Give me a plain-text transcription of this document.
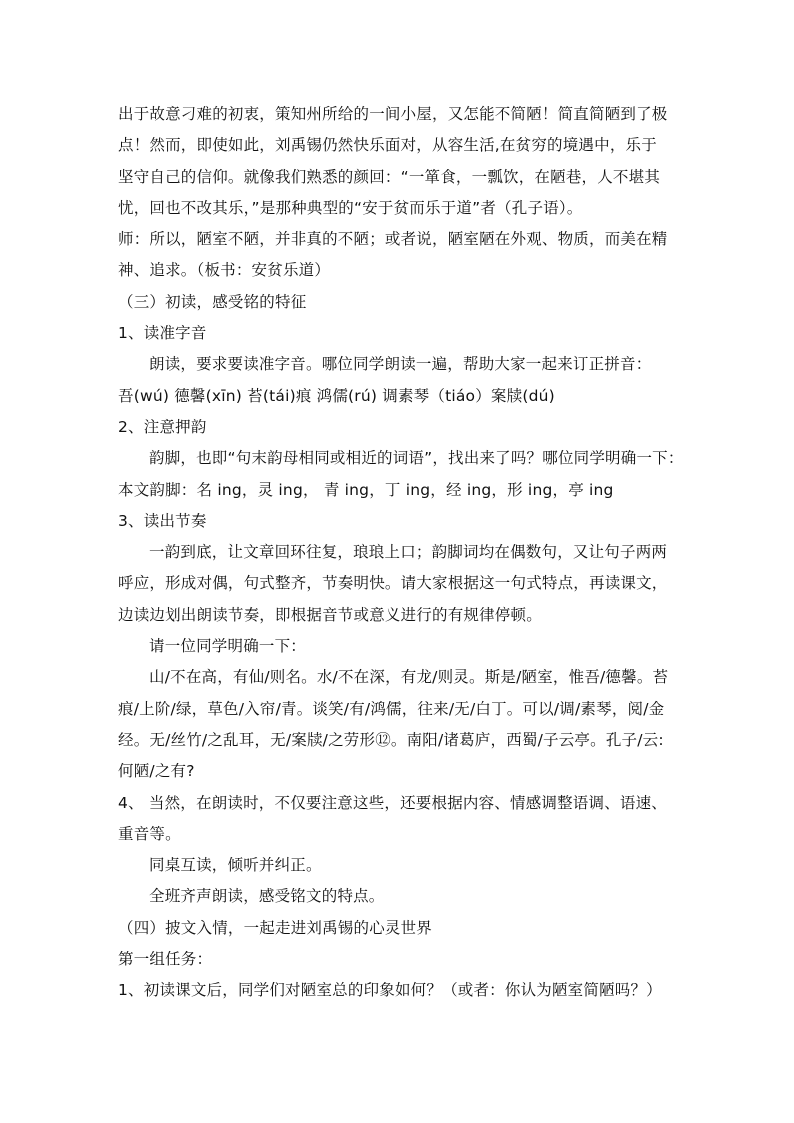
出于故意刁难的初衷，策知州所给的一间小屋，又怎能不简陋！简直简陋到了极
点！然而，即使如此，刘禹锡仍然快乐面对，从容生活,在贫穷的境遇中，乐于
坚守自己的信仰。就像我们熟悉的颜回：“一箪食，一瓢饮，在陋巷，人不堪其
忧，回也不改其乐，”是那种典型的“安于贫而乐于道”者（孔子语）。
师：所以，陋室不陋，并非真的不陋；或者说，陋室陋在外观、物质，而美在精
神、追求。（板书：安贫乐道）
（三）初读，感受铭的特征
1、读准字音
朗读，要求要读准字音。哪位同学朗读一遍，帮助大家一起来订正拼音：
吾(wú) 德馨(xīn) 苔(tái)痕 鸿儒(rú) 调素琴（tiáo）案牍(dú)
2、注意押韵
韵脚，也即“句末韵母相同或相近的词语”，找出来了吗？哪位同学明确一下：
本文韵脚：名 ing，灵 ing， 青 ing，丁 ing，经 ing，形 ing，亭 ing
3、读出节奏
一韵到底，让文章回环往复，琅琅上口；韵脚词均在偶数句，又让句子两两
呼应，形成对偶，句式整齐，节奏明快。请大家根据这一句式特点，再读课文，
边读边划出朗读节奏，即根据音节或意义进行的有规律停顿。
请一位同学明确一下：
山/不在高，有仙/则名。水/不在深，有龙/则灵。斯是/陋室，惟吾/德馨。苔
痕/上阶/绿，草色/入帘/青。谈笑/有/鸿儒，往来/无/白丁。可以/调/素琴，阅/金
经。无/丝竹/之乱耳，无/案牍/之劳形⑫。南阳/诸葛庐，西蜀/子云亭。孔子/云:
何陋/之有?
4、 当然，在朗读时，不仅要注意这些，还要根据内容、情感调整语调、语速、
重音等。
同桌互读，倾听并纠正。
全班齐声朗读，感受铭文的特点。
（四）披文入情，一起走进刘禹锡的心灵世界
第一组任务：
1、初读课文后，同学们对陋室总的印象如何？（或者：你认为陋室简陋吗？）
